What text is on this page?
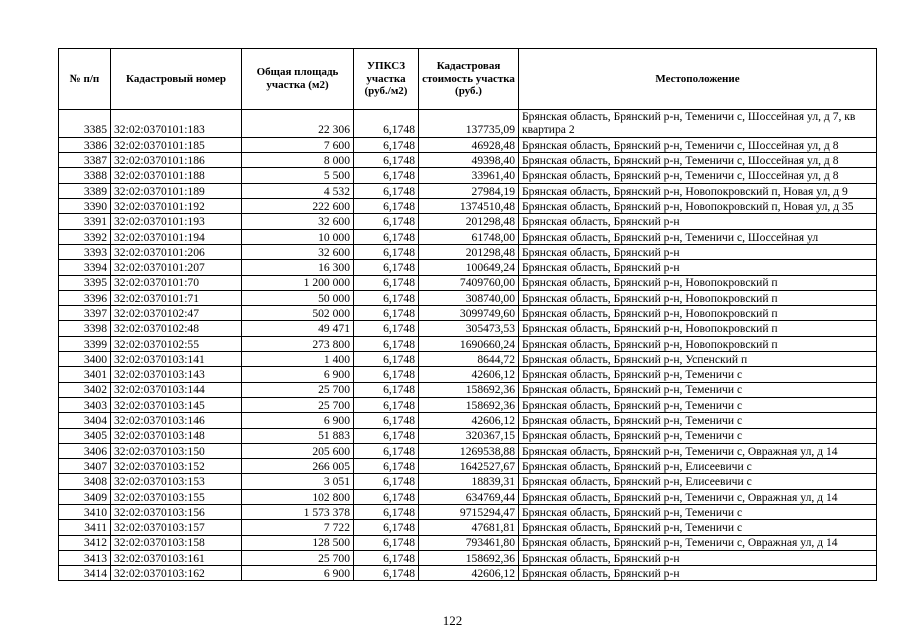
№ п/п	Кадастровый номер	Общая площадь участка (м2)	УПКСЗ участка (руб./м2)	Кадастровая стоимость участка (руб.)	Местоположение
3385	32:02:0370101:183	22 306	6,1748	137735,09	Брянская область, Брянский р-н, Теменичи с, Шоссейная ул, д 7, кв квартира 2
3386	32:02:0370101:185	7 600	6,1748	46928,48	Брянская область, Брянский р-н, Теменичи с, Шоссейная ул, д 8
3387	32:02:0370101:186	8 000	6,1748	49398,40	Брянская область, Брянский р-н, Теменичи с, Шоссейная ул, д 8
3388	32:02:0370101:188	5 500	6,1748	33961,40	Брянская область, Брянский р-н, Теменичи с, Шоссейная ул, д 8
3389	32:02:0370101:189	4 532	6,1748	27984,19	Брянская область, Брянский р-н, Новопокровский п, Новая ул, д 9
3390	32:02:0370101:192	222 600	6,1748	1374510,48	Брянская область, Брянский р-н, Новопокровский п, Новая ул, д 35
3391	32:02:0370101:193	32 600	6,1748	201298,48	Брянская область, Брянский р-н
3392	32:02:0370101:194	10 000	6,1748	61748,00	Брянская область, Брянский р-н, Теменичи с, Шоссейная ул
3393	32:02:0370101:206	32 600	6,1748	201298,48	Брянская область, Брянский р-н
3394	32:02:0370101:207	16 300	6,1748	100649,24	Брянская область, Брянский р-н
3395	32:02:0370101:70	1 200 000	6,1748	7409760,00	Брянская область, Брянский р-н, Новопокровский п
3396	32:02:0370101:71	50 000	6,1748	308740,00	Брянская область, Брянский р-н, Новопокровский п
3397	32:02:0370102:47	502 000	6,1748	3099749,60	Брянская область, Брянский р-н, Новопокровский п
3398	32:02:0370102:48	49 471	6,1748	305473,53	Брянская область, Брянский р-н, Новопокровский п
3399	32:02:0370102:55	273 800	6,1748	1690660,24	Брянская область, Брянский р-н, Новопокровский п
3400	32:02:0370103:141	1 400	6,1748	8644,72	Брянская область, Брянский р-н, Успенский п
3401	32:02:0370103:143	6 900	6,1748	42606,12	Брянская область, Брянский р-н, Теменичи с
3402	32:02:0370103:144	25 700	6,1748	158692,36	Брянская область, Брянский р-н, Теменичи с
3403	32:02:0370103:145	25 700	6,1748	158692,36	Брянская область, Брянский р-н, Теменичи с
3404	32:02:0370103:146	6 900	6,1748	42606,12	Брянская область, Брянский р-н, Теменичи с
3405	32:02:0370103:148	51 883	6,1748	320367,15	Брянская область, Брянский р-н, Теменичи с
3406	32:02:0370103:150	205 600	6,1748	1269538,88	Брянская область, Брянский р-н, Теменичи с, Овражная ул, д 14
3407	32:02:0370103:152	266 005	6,1748	1642527,67	Брянская область, Брянский р-н, Елисеевичи с
3408	32:02:0370103:153	3 051	6,1748	18839,31	Брянская область, Брянский р-н, Елисеевичи с
3409	32:02:0370103:155	102 800	6,1748	634769,44	Брянская область, Брянский р-н, Теменичи с, Овражная ул, д 14
3410	32:02:0370103:156	1 573 378	6,1748	9715294,47	Брянская область, Брянский р-н, Теменичи с
3411	32:02:0370103:157	7 722	6,1748	47681,81	Брянская область, Брянский р-н, Теменичи с
3412	32:02:0370103:158	128 500	6,1748	793461,80	Брянская область, Брянский р-н, Теменичи с, Овражная ул, д 14
3413	32:02:0370103:161	25 700	6,1748	158692,36	Брянская область, Брянский р-н
3414	32:02:0370103:162	6 900	6,1748	42606,12	Брянская область, Брянский р-н
122
